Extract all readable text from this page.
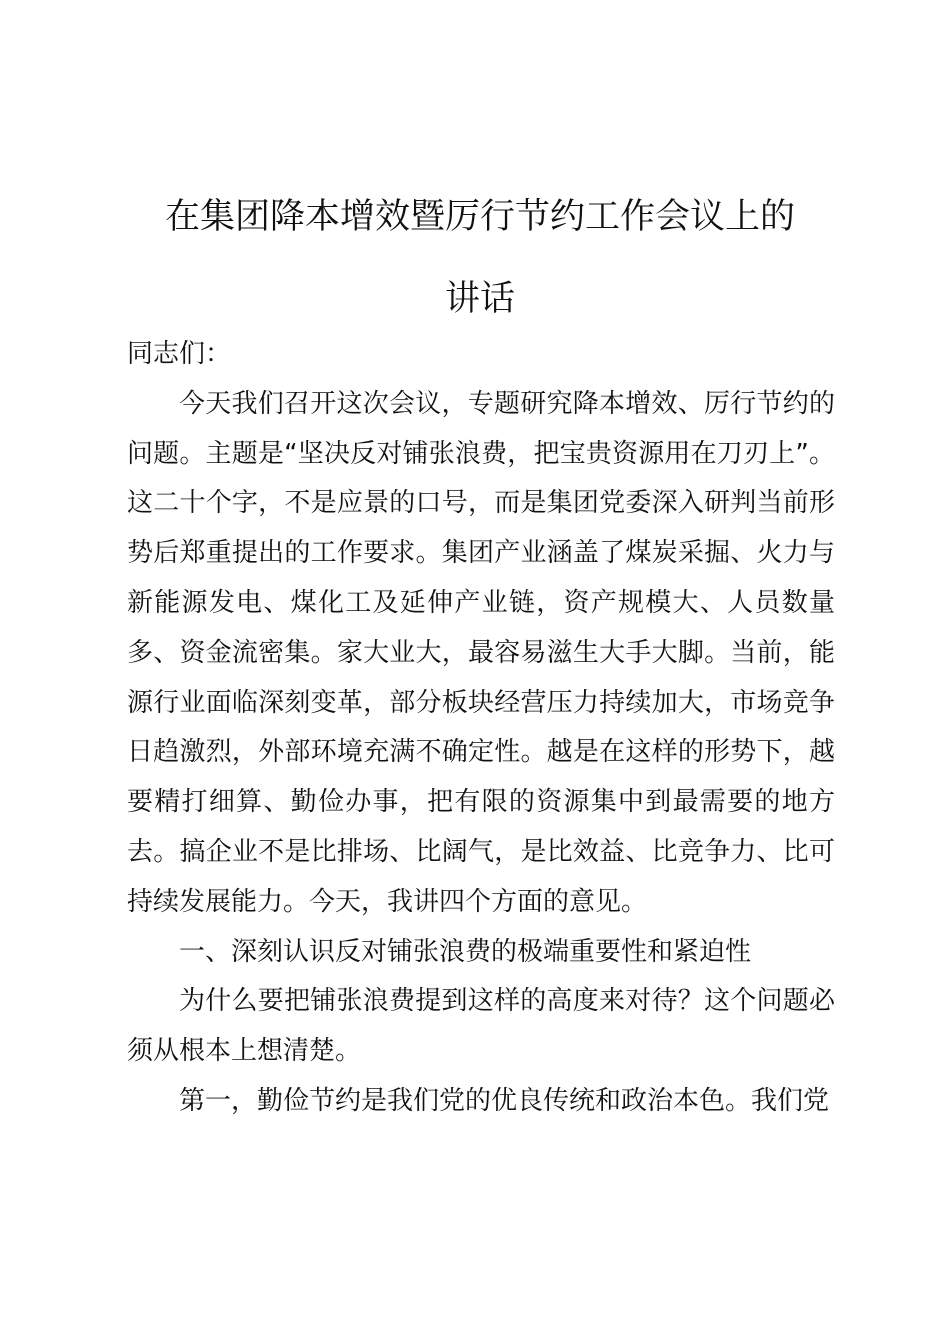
在集团降本增效暨厉行节约工作会议上的
讲话

同志们：

今天我们召开这次会议，专题研究降本增效、厉行节约的问题。主题是“坚决反对铺张浪费，把宝贵资源用在刀刃上”。这二十个字，不是应景的口号，而是集团党委深入研判当前形势后郑重提出的工作要求。集团产业涵盖了煤炭采掘、火力与新能源发电、煤化工及延伸产业链，资产规模大、人员数量多、资金流密集。家大业大，最容易滋生大手大脚。当前，能源行业面临深刻变革，部分板块经营压力持续加大，市场竞争日趋激烈，外部环境充满不确定性。越是在这样的形势下，越要精打细算、勤俭办事，把有限的资源集中到最需要的地方去。搞企业不是比排场、比阔气，是比效益、比竞争力、比可持续发展能力。今天，我讲四个方面的意见。

一、深刻认识反对铺张浪费的极端重要性和紧迫性

为什么要把铺张浪费提到这样的高度来对待？这个问题必须从根本上想清楚。

第一，勤俭节约是我们党的优良传统和政治本色。我们党
